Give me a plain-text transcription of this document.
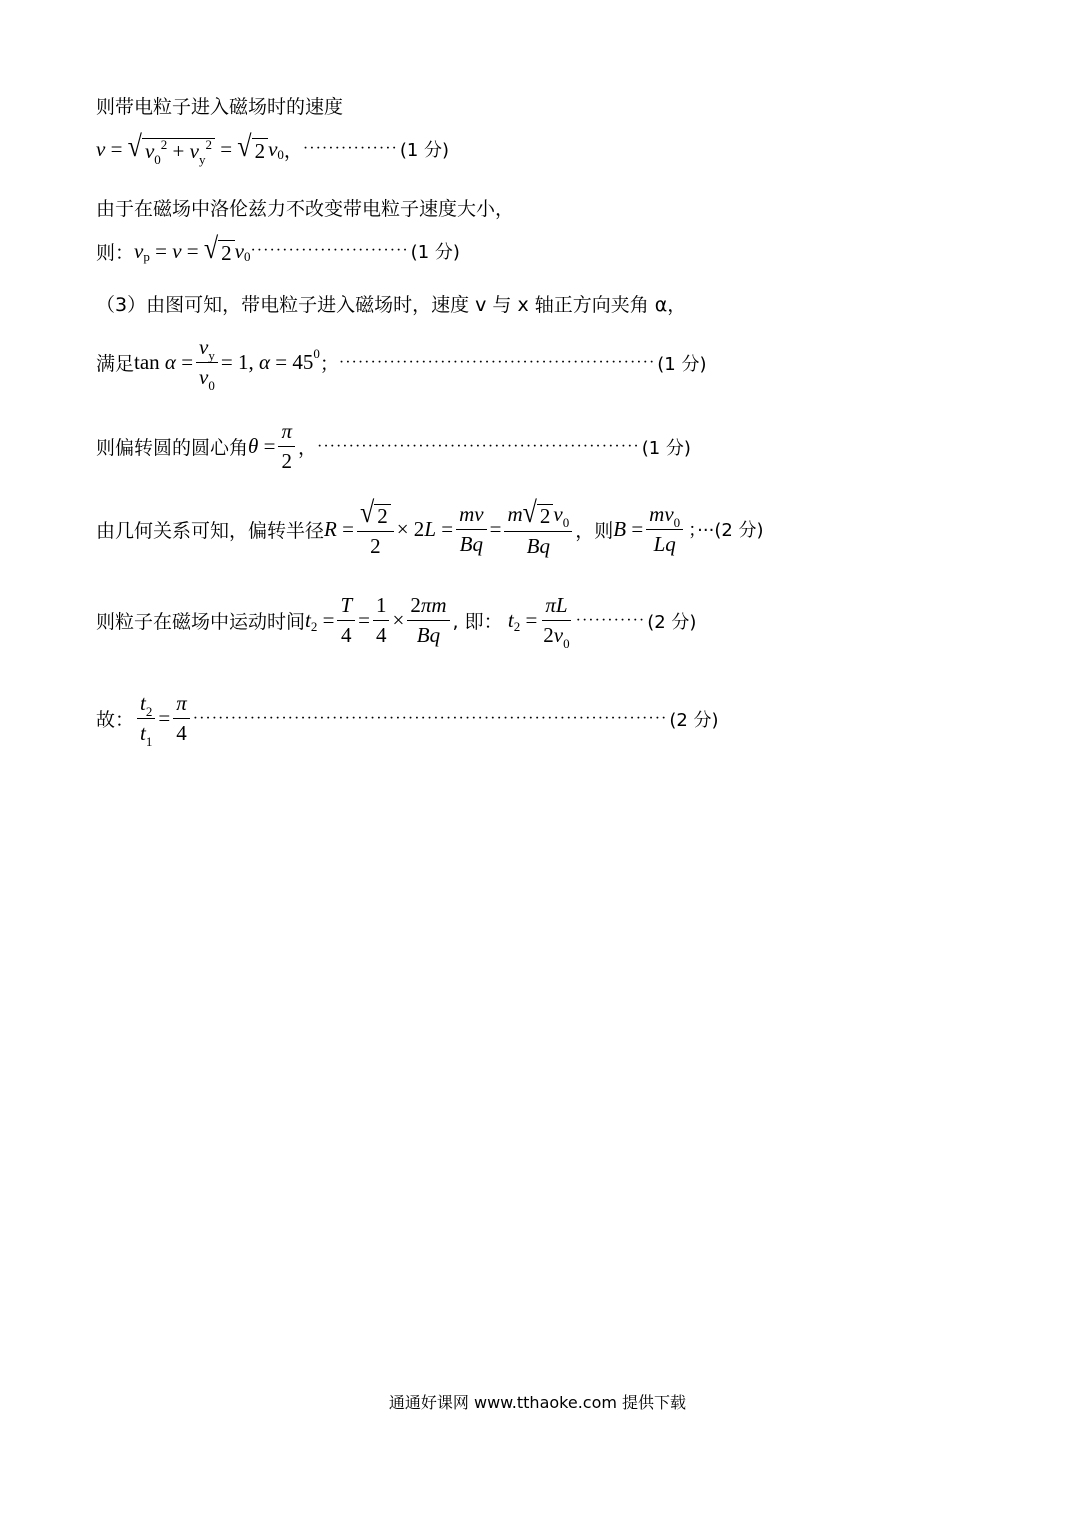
则带电粒子进入磁场时的速度
v = √ $v_0^2 + v_y^2$ = √ 2 v 0 ， ··············· (1 分)
由于在磁场中洛伦兹力不改变带电粒子速度大小，
则： v p = v = √ 2 v 0 ························· (1 分)
（3）由图可知，带电粒子进入磁场时，速度 v 与 x 轴正方向夹角 α，
满足 $\tan \alpha = \frac{v_y}{v_0} = 1$, α = 45 0 ； ·················································· (1 分)
则偏转圆的圆心角 $\theta = \frac{\pi}{2}$ ， ··················································· (1 分)
由几何关系可知，偏转半径 $R = \frac{√ 2}{2} \times 2$ $L = \frac{mv}{Bq} = \frac{m √ 2 v_0}{Bq}$ ，则 $B = \frac{mv_0}{Lq}$ ；···(2 分)
则粒子在磁场中运动时间 t $2 = \frac{T}{4} = \frac{1}{4} \times \frac{2\pi m}{Bq}$ , 即：
t $2 = \frac{\pi L}{2v_0}$ ··········· (2 分)
故： $\frac{t_2}{t_1} = \frac{\pi}{4}$ ··········································································· (2 分)
通通好课网 www.tthaoke.com 提供下载
